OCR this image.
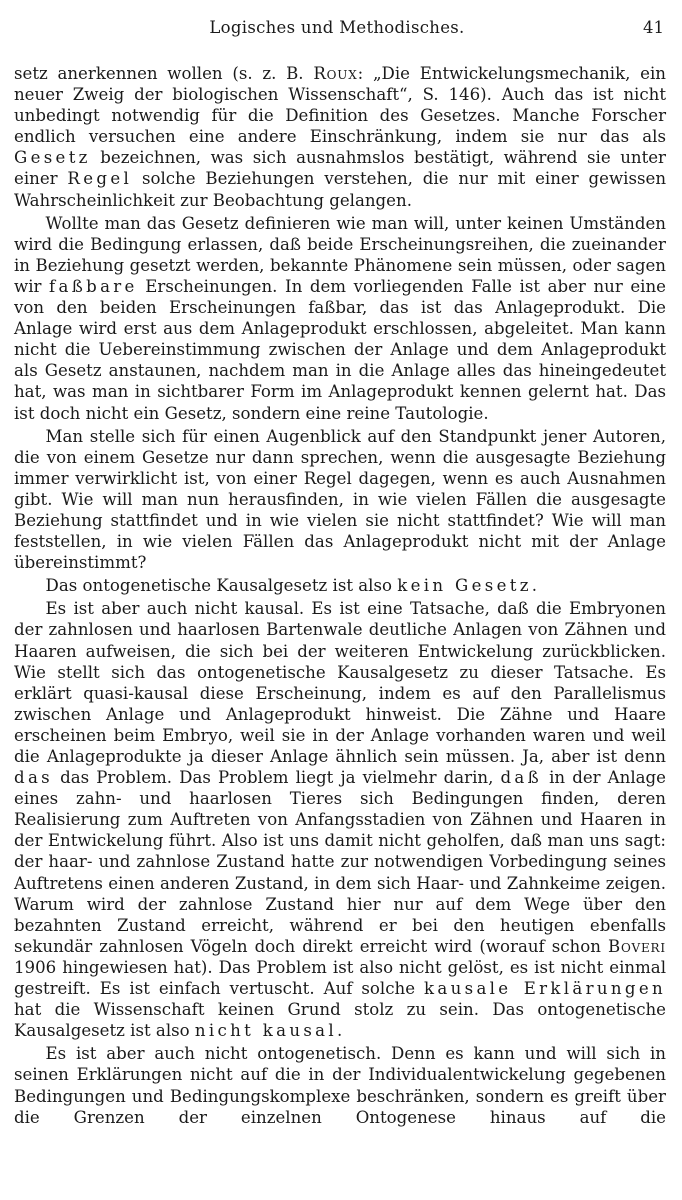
Logisches und Methodisches.	41

setz anerkennen wollen (s. z. B. Roux: „Die Entwickelungsmechanik, ein neuer Zweig der biologischen Wissenschaft“, S. 146). Auch das ist nicht unbedingt notwendig für die Definition des Gesetzes. Manche Forscher endlich versuchen eine andere Einschränkung, indem sie nur das als Gesetz bezeichnen, was sich ausnahmslos bestätigt, während sie unter einer Regel solche Beziehungen verstehen, die nur mit einer gewissen Wahrscheinlichkeit zur Beobachtung gelangen.

Wollte man das Gesetz definieren wie man will, unter keinen Umständen wird die Bedingung erlassen, daß beide Erscheinungsreihen, die zueinander in Beziehung gesetzt werden, bekannte Phänomene sein müssen, oder sagen wir faßbare Erscheinungen. In dem vorliegenden Falle ist aber nur eine von den beiden Erscheinungen faßbar, das ist das Anlageprodukt. Die Anlage wird erst aus dem Anlageprodukt erschlossen, abgeleitet. Man kann nicht die Uebereinstimmung zwischen der Anlage und dem Anlageprodukt als Gesetz anstaunen, nachdem man in die Anlage alles das hineingedeutet hat, was man in sichtbarer Form im Anlageprodukt kennen gelernt hat. Das ist doch nicht ein Gesetz, sondern eine reine Tautologie.

Man stelle sich für einen Augenblick auf den Standpunkt jener Autoren, die von einem Gesetze nur dann sprechen, wenn die ausgesagte Beziehung immer verwirklicht ist, von einer Regel dagegen, wenn es auch Ausnahmen gibt. Wie will man nun herausfinden, in wie vielen Fällen die ausgesagte Beziehung stattfindet und in wie vielen sie nicht stattfindet? Wie will man feststellen, in wie vielen Fällen das Anlageprodukt nicht mit der Anlage übereinstimmt?

Das ontogenetische Kausalgesetz ist also kein Gesetz.

Es ist aber auch nicht kausal. Es ist eine Tatsache, daß die Embryonen der zahnlosen und haarlosen Bartenwale deutliche Anlagen von Zähnen und Haaren aufweisen, die sich bei der weiteren Entwickelung zurückblicken. Wie stellt sich das ontogenetische Kausalgesetz zu dieser Tatsache. Es erklärt quasi-kausal diese Erscheinung, indem es auf den Parallelismus zwischen Anlage und Anlageprodukt hinweist. Die Zähne und Haare erscheinen beim Embryo, weil sie in der Anlage vorhanden waren und weil die Anlageprodukte ja dieser Anlage ähnlich sein müssen. Ja, aber ist denn das das Problem. Das Problem liegt ja vielmehr darin, daß in der Anlage eines zahn- und haarlosen Tieres sich Bedingungen finden, deren Realisierung zum Auftreten von Anfangsstadien von Zähnen und Haaren in der Entwickelung führt. Also ist uns damit nicht geholfen, daß man uns sagt: der haar- und zahnlose Zustand hatte zur notwendigen Vorbedingung seines Auftretens einen anderen Zustand, in dem sich Haar- und Zahnkeime zeigen. Warum wird der zahnlose Zustand hier nur auf dem Wege über den bezahnten Zustand erreicht, während er bei den heutigen ebenfalls sekundär zahnlosen Vögeln doch direkt erreicht wird (worauf schon Boveri 1906 hingewiesen hat). Das Problem ist also nicht gelöst, es ist nicht einmal gestreift. Es ist einfach vertuscht. Auf solche kausale Erklärungen hat die Wissenschaft keinen Grund stolz zu sein. Das ontogenetische Kausalgesetz ist also nicht kausal.

Es ist aber auch nicht ontogenetisch. Denn es kann und will sich in seinen Erklärungen nicht auf die in der Individualentwickelung gegebenen Bedingungen und Bedingungskomplexe beschränken, sondern es greift über die Grenzen der einzelnen Ontogenese hinaus auf die
